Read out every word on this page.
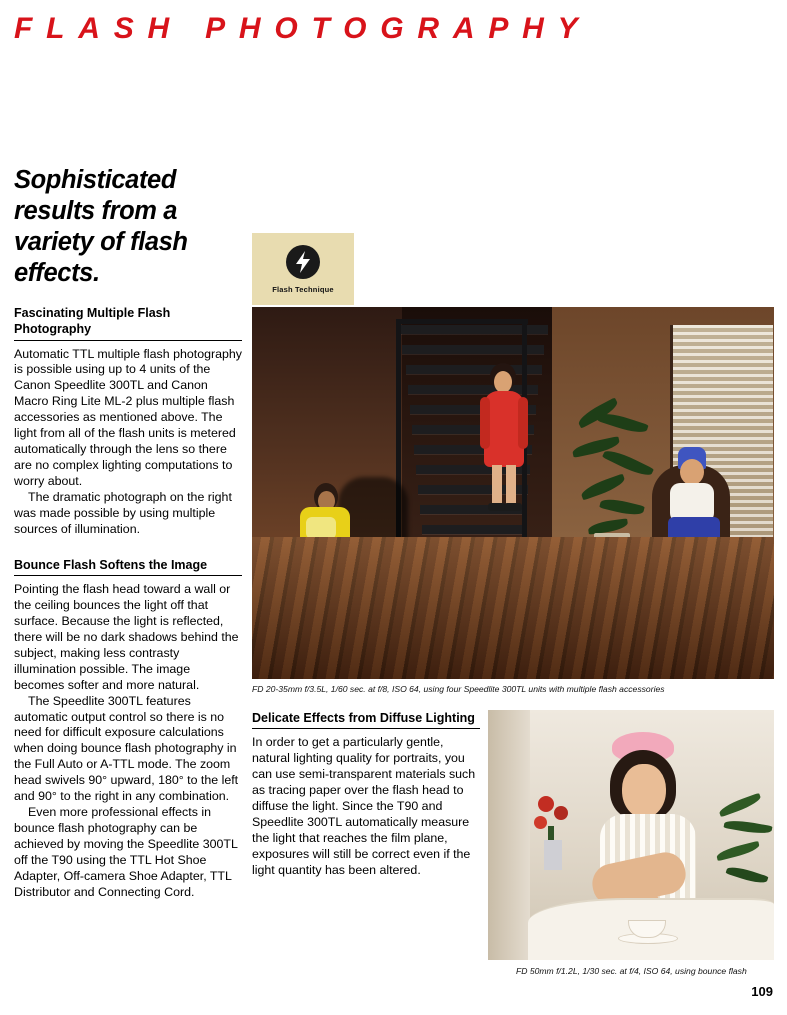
FLASH PHOTOGRAPHY
Sophisticated results from a variety of flash effects.
Fascinating Multiple Flash Photography

Automatic TTL multiple flash photography is possible using up to 4 units of the Canon Speedlite 300TL and Canon Macro Ring Lite ML-2 plus multiple flash accessories as mentioned above. The light from all of the flash units is metered automatically through the lens so there are no complex lighting computations to worry about.

The dramatic photograph on the right was made possible by using multiple sources of illumination.

Bounce Flash Softens the Image

Pointing the flash head toward a wall or the ceiling bounces the light off that surface. Because the light is reflected, there will be no dark shadows behind the subject, making less contrasty illumination possible. The image becomes softer and more natural.

The Speedlite 300TL features automatic output control so there is no need for difficult exposure calculations when doing bounce flash photography in the Full Auto or A-TTL mode. The zoom head swivels 90° upward, 180° to the left and 90° to the right in any combination.

Even more professional effects in bounce flash photography can be achieved by moving the Speedlite 300TL off the T90 using the TTL Hot Shoe Adapter, Off-camera Shoe Adapter, TTL Distributor and Connecting Cord.

Flash Technique
FD 20-35mm f/3.5L, 1/60 sec. at f/8, ISO 64, using four Speedlite 300TL units with multiple flash accessories
Delicate Effects from Diffuse Lighting

In order to get a particularly gentle, natural lighting quality for portraits, you can use semi-transparent materials such as tracing paper over the flash head to diffuse the light. Since the T90 and Speedlite 300TL automatically measure the light that reaches the film plane, exposures will still be correct even if the light quantity has been altered.

FD 50mm f/1.2L, 1/30 sec. at f/4, ISO 64, using bounce flash
109
